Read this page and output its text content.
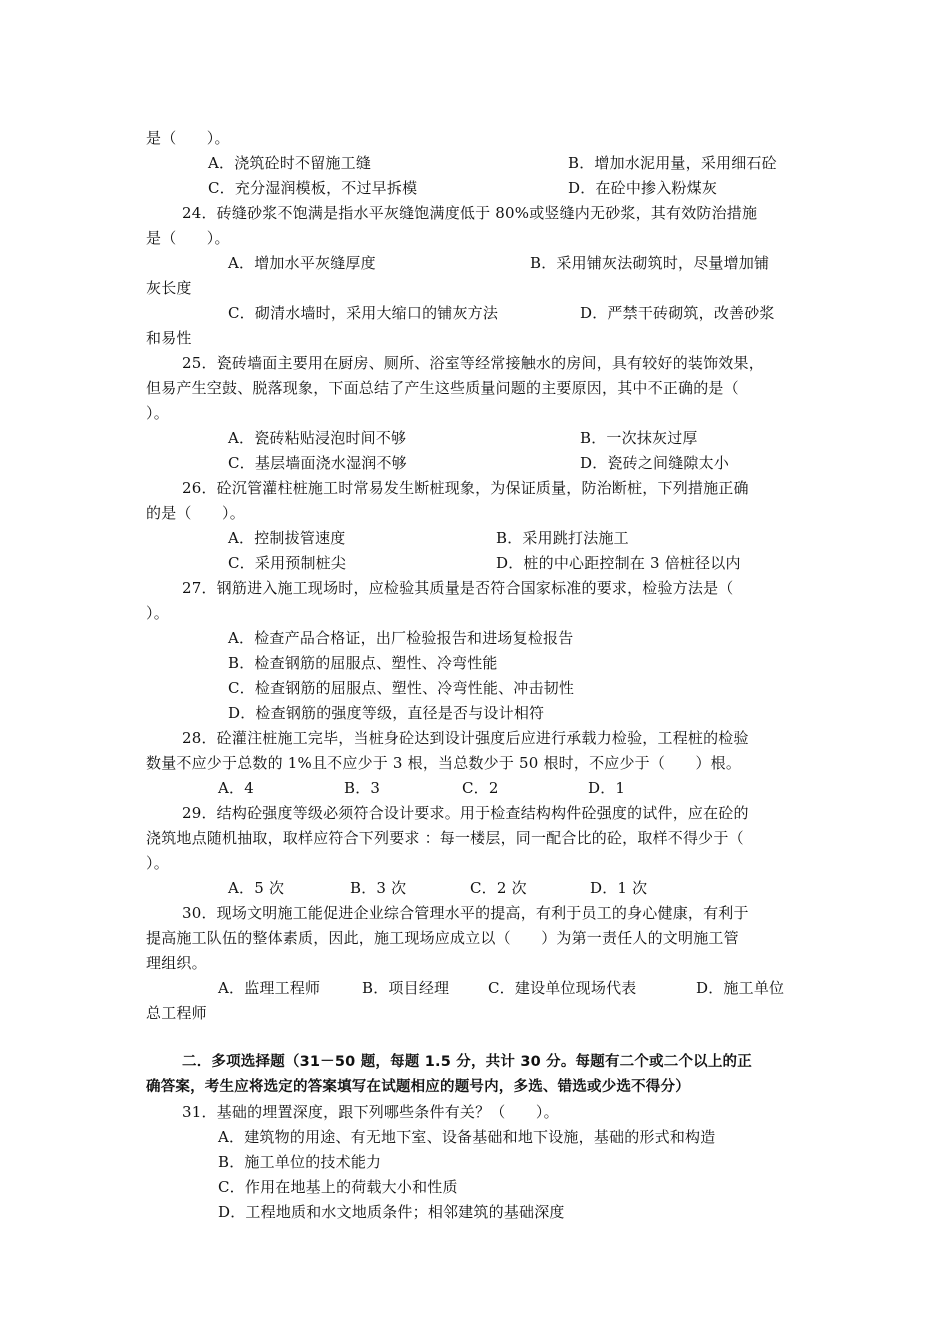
是（　　）。
A．浇筑砼时不留施工缝	B．增加水泥用量，采用细石砼
C．充分湿润模板，不过早拆模	D．在砼中掺入粉煤灰
24．砖缝砂浆不饱满是指水平灰缝饱满度低于 80%或竖缝内无砂浆，其有效防治措施
是（　　）。
A．增加水平灰缝厚度	B．采用铺灰法砌筑时，尽量增加铺
灰长度
C．砌清水墙时，采用大缩口的铺灰方法	D．严禁干砖砌筑，改善砂浆
和易性
25．瓷砖墙面主要用在厨房、厕所、浴室等经常接触水的房间，具有较好的装饰效果，
但易产生空鼓、脱落现象，下面总结了产生这些质量问题的主要原因，其中不正确的是（
）。
A．瓷砖粘贴浸泡时间不够	B．一次抹灰过厚
C．基层墙面浇水湿润不够	D．瓷砖之间缝隙太小
26．砼沉管灌柱桩施工时常易发生断桩现象，为保证质量，防治断桩，下列措施正确
的是（　　）。
A．控制拔管速度	B．采用跳打法施工
C．采用预制桩尖	D．桩的中心距控制在 3 倍桩径以内
27．钢筋进入施工现场时，应检验其质量是否符合国家标准的要求，检验方法是（
）。
A．检查产品合格证，出厂检验报告和进场复检报告
B．检查钢筋的屈服点、塑性、冷弯性能
C．检查钢筋的屈服点、塑性、冷弯性能、冲击韧性
D．检查钢筋的强度等级，直径是否与设计相符
28．砼灌注桩施工完毕，当桩身砼达到设计强度后应进行承载力检验，工程桩的检验
数量不应少于总数的 1%且不应少于 3 根，当总数少于 50 根时，不应少于（　　）根。
A．4	B．3	C．2	D．1
29．结构砼强度等级必须符合设计要求。用于检查结构构件砼强度的试件，应在砼的
浇筑地点随机抽取，取样应符合下列要求 ：每一楼层，同一配合比的砼，取样不得少于（
）。
A．5 次	B．3 次	C．2 次	D．1 次
30．现场文明施工能促进企业综合管理水平的提高，有利于员工的身心健康，有利于
提高施工队伍的整体素质，因此，施工现场应成立以（　　）为第一责任人的文明施工管
理组织。
A．监理工程师	B．项目经理	C．建设单位现场代表	D．施工单位
总工程师
二．多项选择题（31－50 题，每题 1.5 分，共计 30 分。每题有二个或二个以上的正
确答案，考生应将选定的答案填写在试题相应的题号内，多选、错选或少选不得分）
31．基础的埋置深度，跟下列哪些条件有关？（　　）。
A．建筑物的用途、有无地下室、设备基础和地下设施，基础的形式和构造
B．施工单位的技术能力
C．作用在地基上的荷载大小和性质
D．工程地质和水文地质条件；相邻建筑的基础深度
